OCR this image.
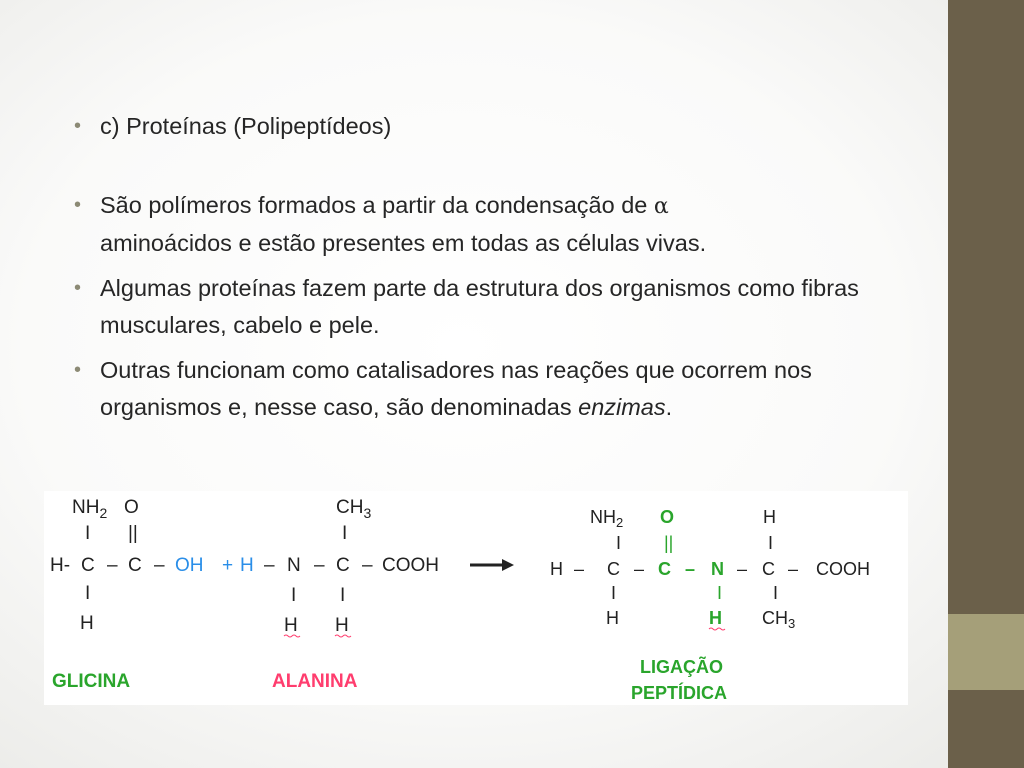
• c) Proteínas (Polipeptídeos)
• São polímeros formados a partir da condensação de α
aminoácidos e estão presentes em todas as células vivas.
• Algumas proteínas fazem parte da estrutura dos organismos como fibras musculares, cabelo e pele.
• Outras funcionam como catalisadores nas reações que ocorrem nos organismos e, nesse caso, são denominadas enzimas.
$NH_2$ O
I ||
H- C – C – OH
I
H
+
$CH_3$
I
H – N – C – COOH
I I
H H
$NH_2$ O	H
I ||	I
H – C – C – N – C – COOH
I	I	I
H	H $CH_3$
GLICINA	ALANINA
LIGAÇÃO
PEPTÍDICA
